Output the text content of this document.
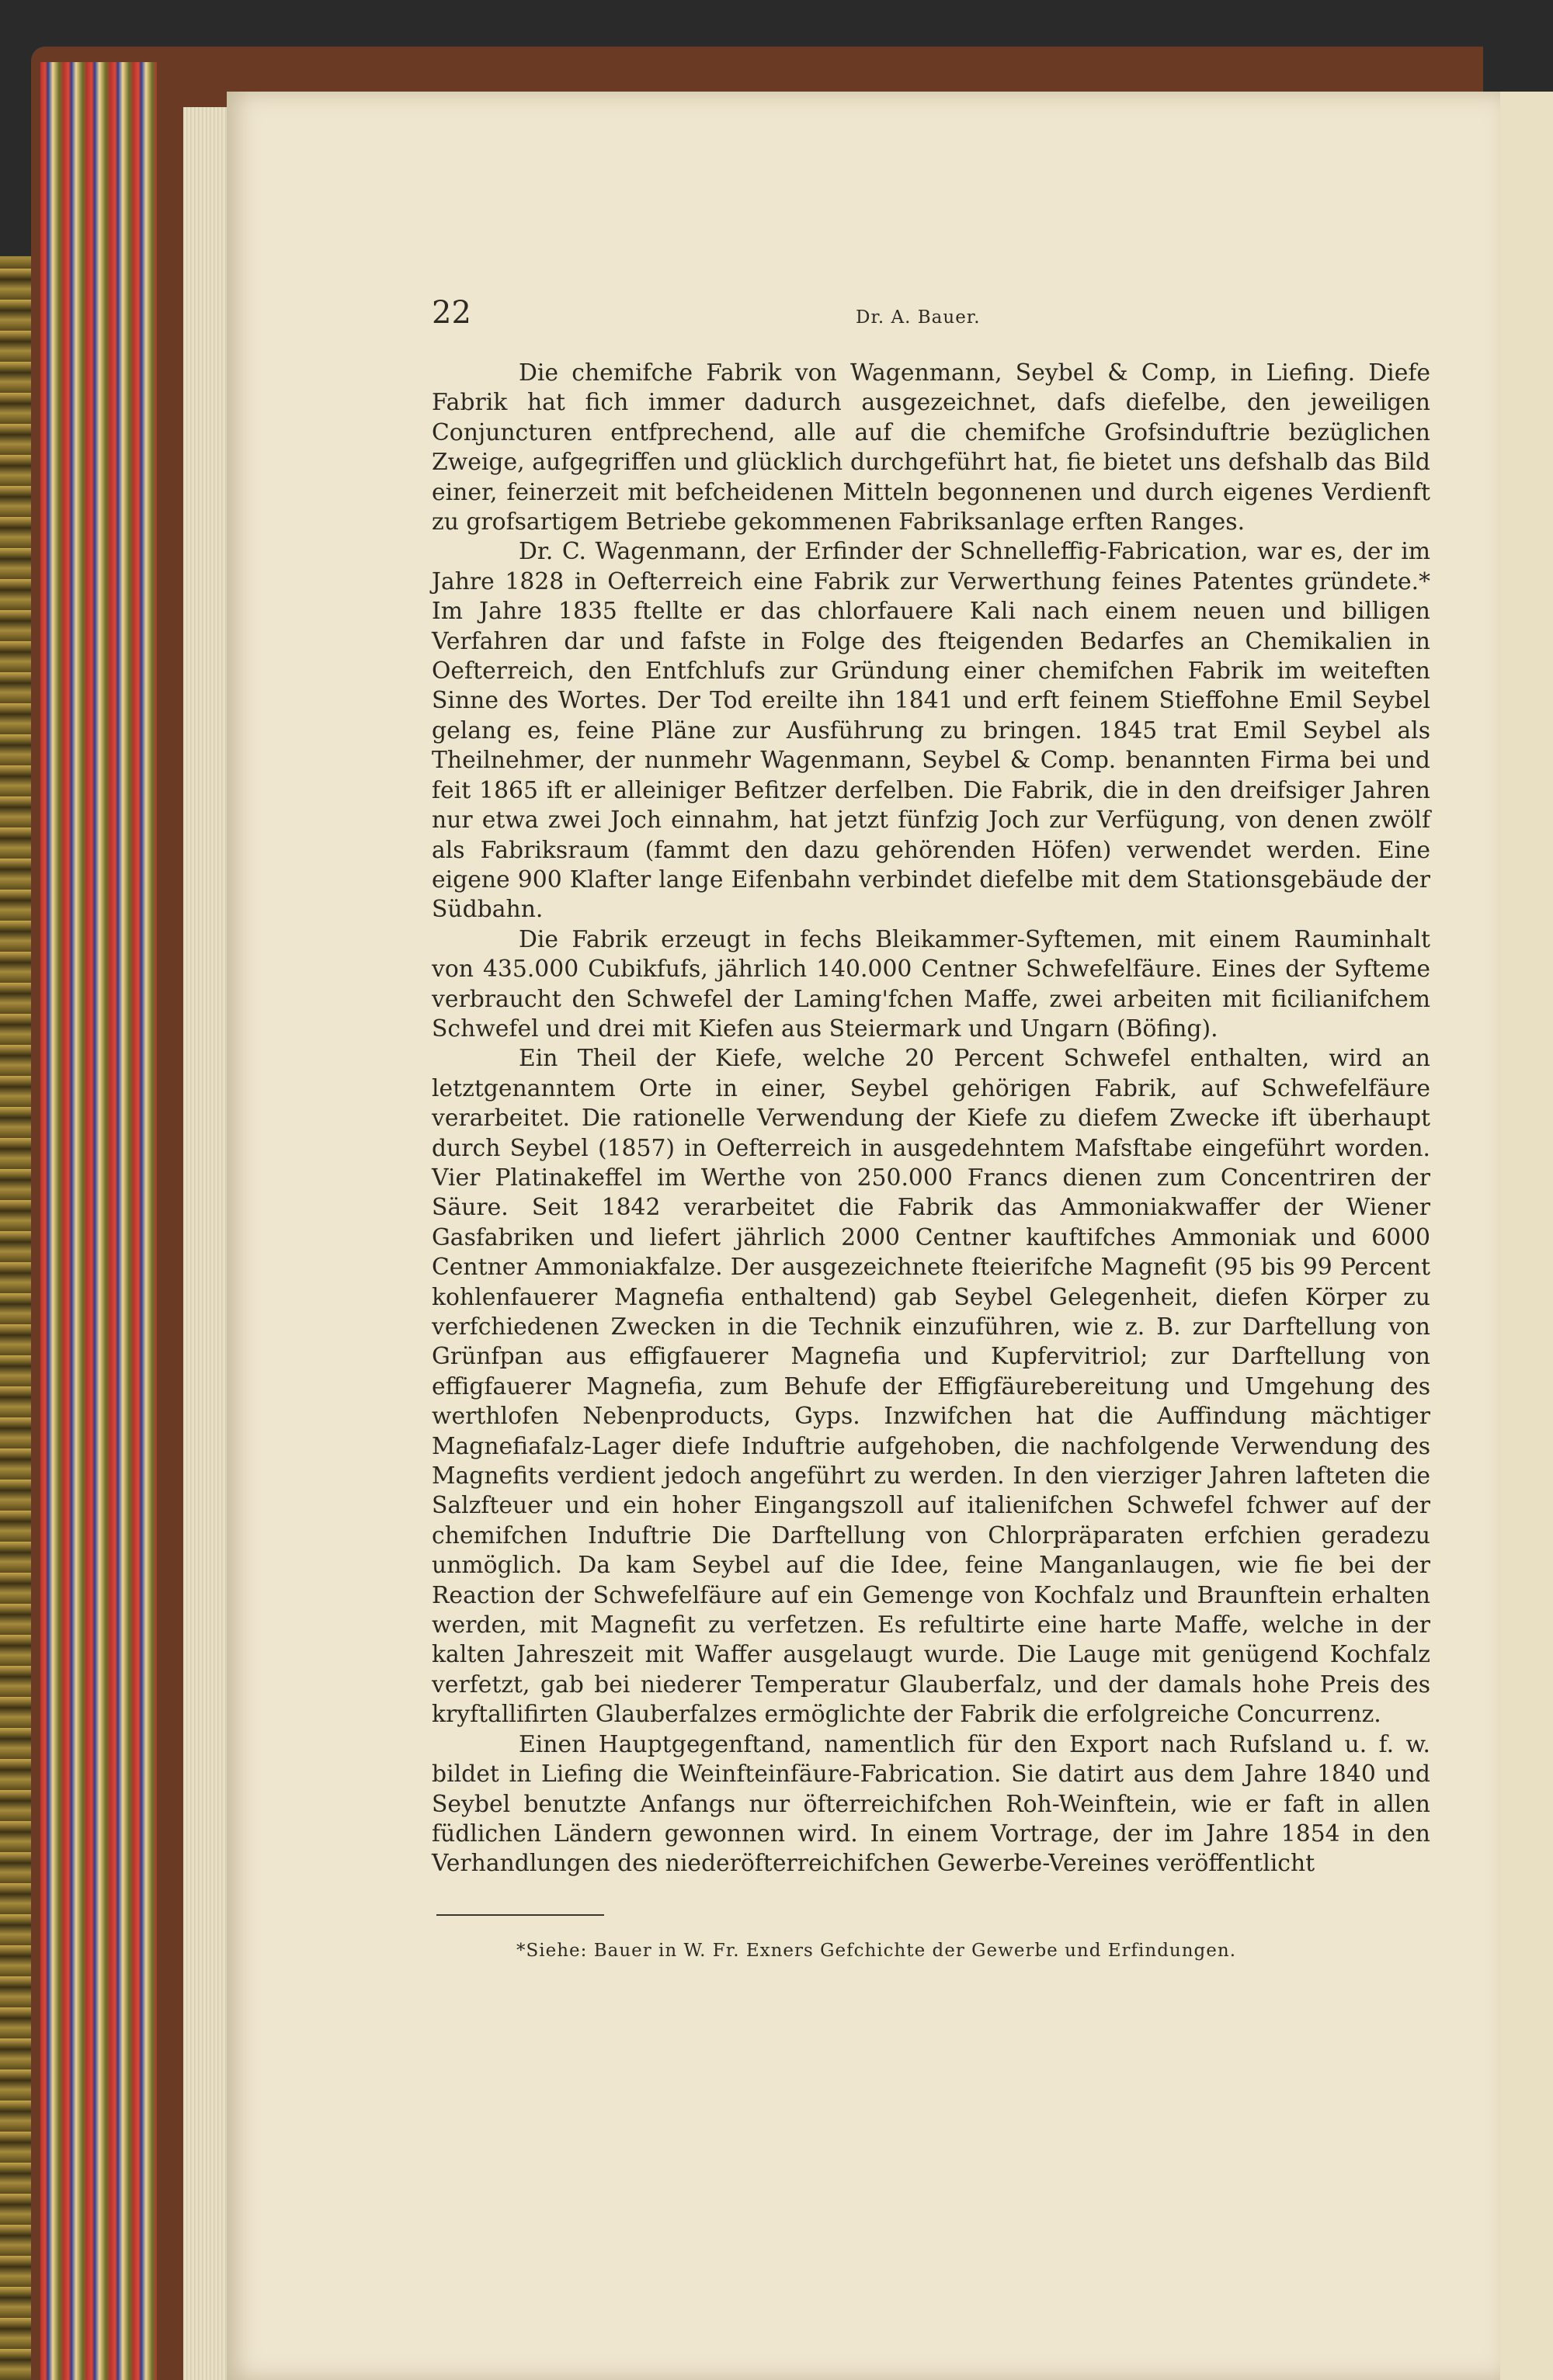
22	Dr. A. Bauer.

Die chemifche Fabrik von Wagenmann, Seybel & Comp, in Liefing. Diefe Fabrik hat fich immer dadurch ausgezeichnet, dafs diefelbe, den jeweiligen Conjuncturen entfprechend, alle auf die chemifche Grofsinduftrie bezüglichen Zweige, aufgegriffen und glücklich durchgeführt hat, fie bietet uns defshalb das Bild einer, feinerzeit mit befcheidenen Mitteln begonnenen und durch eigenes Verdienft zu grofsartigem Betriebe gekommenen Fabriksanlage erften Ranges.

Dr. C. Wagenmann, der Erfinder der Schnelleffig-Fabrication, war es, der im Jahre 1828 in Oefterreich eine Fabrik zur Verwerthung feines Patentes gründete.* Im Jahre 1835 ftellte er das chlorfauere Kali nach einem neuen und billigen Verfahren dar und fafste in Folge des fteigenden Bedarfes an Chemikalien in Oefterreich, den Entfchlufs zur Gründung einer chemifchen Fabrik im weiteften Sinne des Wortes. Der Tod ereilte ihn 1841 und erft feinem Stieffohne Emil Seybel gelang es, feine Pläne zur Ausführung zu bringen. 1845 trat Emil Seybel als Theilnehmer, der nunmehr Wagenmann, Seybel & Comp. benannten Firma bei und feit 1865 ift er alleiniger Befitzer derfelben. Die Fabrik, die in den dreifsiger Jahren nur etwa zwei Joch einnahm, hat jetzt fünfzig Joch zur Verfügung, von denen zwölf als Fabriksraum (fammt den dazu gehörenden Höfen) verwendet werden. Eine eigene 900 Klafter lange Eifenbahn verbindet diefelbe mit dem Stationsgebäude der Südbahn.

Die Fabrik erzeugt in fechs Bleikammer-Syftemen, mit einem Rauminhalt von 435.000 Cubikfufs, jährlich 140.000 Centner Schwefelfäure. Eines der Syfteme verbraucht den Schwefel der Laming'fchen Maffe, zwei arbeiten mit ficilianifchem Schwefel und drei mit Kiefen aus Steiermark und Ungarn (Böfing).

Ein Theil der Kiefe, welche 20 Percent Schwefel enthalten, wird an letztgenanntem Orte in einer, Seybel gehörigen Fabrik, auf Schwefelfäure verarbeitet. Die rationelle Verwendung der Kiefe zu diefem Zwecke ift überhaupt durch Seybel (1857) in Oefterreich in ausgedehntem Mafsftabe eingeführt worden. Vier Platinakeffel im Werthe von 250.000 Francs dienen zum Concentriren der Säure. Seit 1842 verarbeitet die Fabrik das Ammoniakwaffer der Wiener Gasfabriken und liefert jährlich 2000 Centner kauftifches Ammoniak und 6000 Centner Ammoniakfalze. Der ausgezeichnete fteierifche Magnefit (95 bis 99 Percent kohlenfauerer Magnefia enthaltend) gab Seybel Gelegenheit, diefen Körper zu verfchiedenen Zwecken in die Technik einzuführen, wie z. B. zur Darftellung von Grünfpan aus effigfauerer Magnefia und Kupfervitriol; zur Darftellung von effigfauerer Magnefia, zum Behufe der Effigfäurebereitung und Umgehung des werthlofen Nebenproducts, Gyps. Inzwifchen hat die Auffindung mächtiger Magnefiafalz-Lager diefe Induftrie aufgehoben, die nachfolgende Verwendung des Magnefits verdient jedoch angeführt zu werden. In den vierziger Jahren lafteten die Salzfteuer und ein hoher Eingangszoll auf italienifchen Schwefel fchwer auf der chemifchen Induftrie Die Darftellung von Chlorpräparaten erfchien geradezu unmöglich. Da kam Seybel auf die Idee, feine Manganlaugen, wie fie bei der Reaction der Schwefelfäure auf ein Gemenge von Kochfalz und Braunftein erhalten werden, mit Magnefit zu verfetzen. Es refultirte eine harte Maffe, welche in der kalten Jahreszeit mit Waffer ausgelaugt wurde. Die Lauge mit genügend Kochfalz verfetzt, gab bei niederer Temperatur Glauberfalz, und der damals hohe Preis des kryftallifirten Glauberfalzes ermöglichte der Fabrik die erfolgreiche Concurrenz.

Einen Hauptgegenftand, namentlich für den Export nach Rufsland u. f. w. bildet in Liefing die Weinfteinfäure-Fabrication. Sie datirt aus dem Jahre 1840 und Seybel benutzte Anfangs nur öfterreichifchen Roh-Weinftein, wie er faft in allen füdlichen Ländern gewonnen wird. In einem Vortrage, der im Jahre 1854 in den Verhandlungen des niederöfterreichifchen Gewerbe-Vereines veröffentlicht

*Siehe: Bauer in W. Fr. Exners Gefchichte der Gewerbe und Erfindungen.
